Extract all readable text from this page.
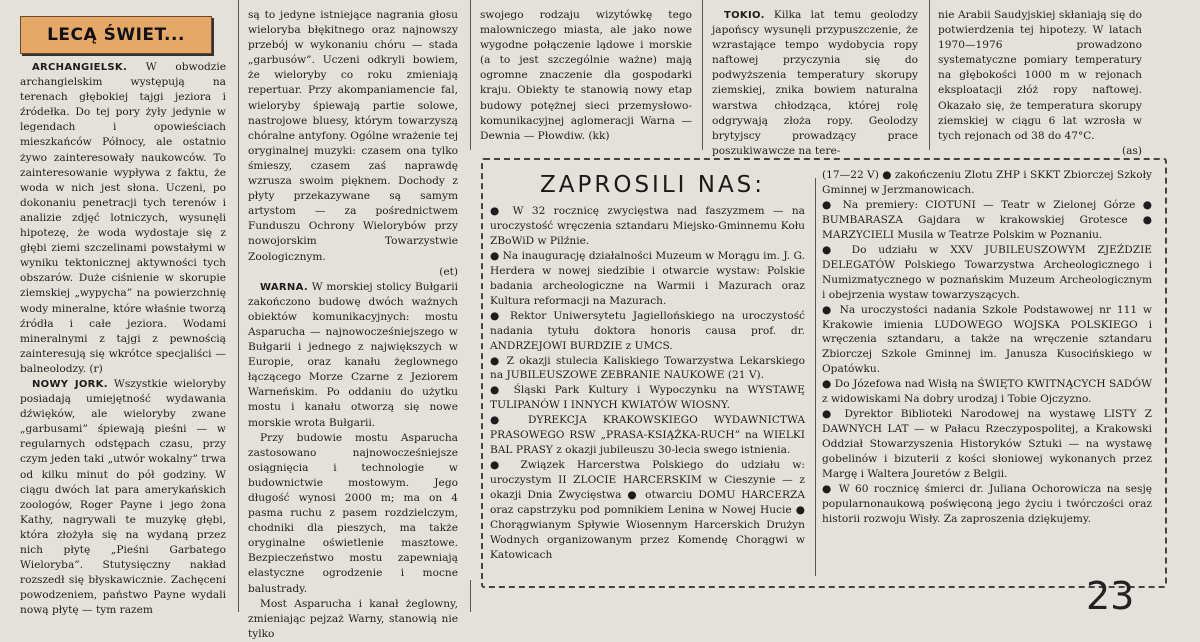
LECĄ ŚWIET...

ARCHANGIELSK. W obwodzie archangielskim występują na terenach głębokiej tajgi jeziora i źródełka. Do tej pory żyły jedynie w legendach i opowieściach mieszkańców Północy, ale ostatnio żywo zainteresowały naukowców. To zainteresowanie wypływa z faktu, że woda w nich jest słona. Uczeni, po dokonaniu penetracji tych terenów i analizie zdjęć lotniczych, wysunęli hipotezę, że woda wydostaje się z głębi ziemi szczelinami powstałymi w wyniku tektonicznej aktywności tych obszarów. Duże ciśnienie w skorupie ziemskiej „wypycha” na powierzchnię wody mineralne, które właśnie tworzą źródła i całe jeziora. Wodami mineralnymi z tajgi z pewnością zainteresują się wkrótce specjaliści — balneolodzy. (r)

NOWY JORK. Wszystkie wieloryby posiadają umiejętność wydawania dźwięków, ale wieloryby zwane „garbusami” śpiewają pieśni — w regularnych odstępach czasu, przy czym jeden taki „utwór wokalny” trwa od kilku minut do pół godziny. W ciągu dwóch lat para amerykańskich zoologów, Roger Payne i jego żona Kathy, nagrywali te muzykę głębi, która złożyła się na wydaną przez nich płytę „Pieśni Garbatego Wieloryba”. Stutysięczny nakład rozszedł się błyskawicznie. Zachęceni powodzeniem, państwo Payne wydali nową płytę — tym razem

są to jedyne istniejące nagrania głosu wieloryba błękitnego oraz najnowszy przebój w wykonaniu chóru — stada „garbusów”. Uczeni odkryli bowiem, że wieloryby co roku zmieniają repertuar. Przy akompaniamencie fal, wieloryby śpiewają partie solowe, nastrojowe bluesy, którym towarzyszą chóralne antyfony. Ogólne wrażenie tej oryginalnej muzyki: czasem ona tylko śmieszy, czasem zaś naprawdę wzrusza swoim pięknem. Dochody z płyty przekazywane są samym artystom — za pośrednictwem Funduszu Ochrony Wielorybów przy nowojorskim Towarzystwie Zoologicznym.

(et)

WARNA. W morskiej stolicy Bułgarii zakończono budowę dwóch ważnych obiektów komunikacyjnych: mostu Asparucha — najnowocześniejszego w Bułgarii i jednego z największych w Europie, oraz kanału żeglownego łączącego Morze Czarne z Jeziorem Warneńskim. Po oddaniu do użytku mostu i kanału otworzą się nowe morskie wrota Bułgarii.

Przy budowie mostu Asparucha zastosowano najnowocześniejsze osiągnięcia i technologie w budownictwie mostowym. Jego długość wynosi 2000 m; ma on 4 pasma ruchu z pasem rozdzielczym, chodniki dla pieszych, ma także oryginalne oświetlenie masztowe. Bezpieczeństwo mostu zapewniają elastyczne ogrodzenie i mocne balustrady.

Most Asparucha i kanał żeglowny, zmieniając pejzaż Warny, stanowią nie tylko

swojego rodzaju wizytówkę tego malowniczego miasta, ale jako nowe wygodne połączenie lądowe i morskie (a to jest szczególnie ważne) mają ogromne znaczenie dla gospodarki kraju. Obiekty te stanowią nowy etap budowy potężnej sieci przemysłowo-komunikacyjnej aglomeracji Warna — Dewnia — Płowdiw. (kk)

TOKIO. Kilka lat temu geolodzy japońscy wysunęli przypuszczenie, że wzrastające tempo wydobycia ropy naftowej przyczynia się do podwyższenia temperatury skorupy ziemskiej, znika bowiem naturalna warstwa chłodząca, której rolę odgrywają złoża ropy. Geolodzy brytyjscy prowadzący prace poszukiwawcze na tere-

nie Arabii Saudyjskiej skłaniają się do potwierdzenia tej hipotezy. W latach 1970—1976 prowadzono systematyczne pomiary temperatury na głębokości 1000 m w rejonach eksploatacji złóż ropy naftowej. Okazało się, że temperatura skorupy ziemskiej w ciągu 6 lat wzrosła w tych rejonach od 38 do 47°C.

(as)

ZAPROSILI NAS:

● W 32 rocznicę zwycięstwa nad faszyzmem — na uroczystość wręczenia sztandaru Miejsko-Gminnemu Kołu ZBoWiD w Pilźnie.

● Na inaugurację działalności Muzeum w Morągu im. J. G. Herdera w nowej siedzibie i otwarcie wystaw: Polskie badania archeologiczne na Warmii i Mazurach oraz Kultura reformacji na Mazurach.

● Rektor Uniwersytetu Jagiellońskiego na uroczystość nadania tytułu doktora honoris causa prof. dr. ANDRZEJOWI BURDZIE z UMCS.

● Z okazji stulecia Kaliskiego Towarzystwa Lekarskiego na JUBILEUSZOWE ZEBRANIE NAUKOWE (21 V).

● Śląski Park Kultury i Wypoczynku na WYSTAWĘ TULIPANÓW I INNYCH KWIATÓW WIOSNY.

● DYREKCJA KRAKOWSKIEGO WYDAWNICTWA PRASOWEGO RSW „PRASA-KSIĄŻKA-RUCH” na WIELKI BAL PRASY z okazji jubileuszu 30-lecia swego istnienia.

● Związek Harcerstwa Polskiego do udziału w: uroczystym II ZLOCIE HARCERSKIM w Cieszynie — z okazji Dnia Zwycięstwa ● otwarciu DOMU HARCERZA oraz capstrzyku pod pomnikiem Lenina w Nowej Hucie ● Chorągwianym Spływie Wiosennym Harcerskich Drużyn Wodnych organizowanym przez Komendę Chorągwi w Katowicach

(17—22 V) ● zakończeniu Zlotu ZHP i SKKT Zbiorczej Szkoły Gminnej w Jerzmanowicach.

● Na premiery: CIOTUNI — Teatr w Zielonej Górze ● BUMBARASZA Gajdara w krakowskiej Grotesce ● MARZYCIELI Musila w Teatrze Polskim w Poznaniu.

● Do udziału w XXV JUBILEUSZOWYM ZJEŹDZIE DELEGATÓW Polskiego Towarzystwa Archeologicznego i Numizmatycznego w poznańskim Muzeum Archeologicznym i obejrzenia wystaw towarzyszących.

● Na uroczystości nadania Szkole Podstawowej nr 111 w Krakowie imienia LUDOWEGO WOJSKA POLSKIEGO i wręczenia sztandaru, a także na wręczenie sztandaru Zbiorczej Szkole Gminnej im. Janusza Kusocińskiego w Opatówku.

● Do Józefowa nad Wisłą na ŚWIĘTO KWITNĄCYCH SADÓW z widowiskami Na dobry urodzaj i Tobie Ojczyzno.

● Dyrektor Biblioteki Narodowej na wystawę LISTY Z DAWNYCH LAT — w Pałacu Rzeczypospolitej, a Krakowski Oddział Stowarzyszenia Historyków Sztuki — na wystawę gobelinów i bizuterii z kości słoniowej wykonanych przez Margę i Waltera Jouretów z Belgii.

● W 60 rocznicę śmierci dr. Juliana Ochorowicza na sesję popularnonaukową poświęconą jego życiu i twórczości oraz historii rozwoju Wisły. Za zaproszenia dziękujemy.

23
